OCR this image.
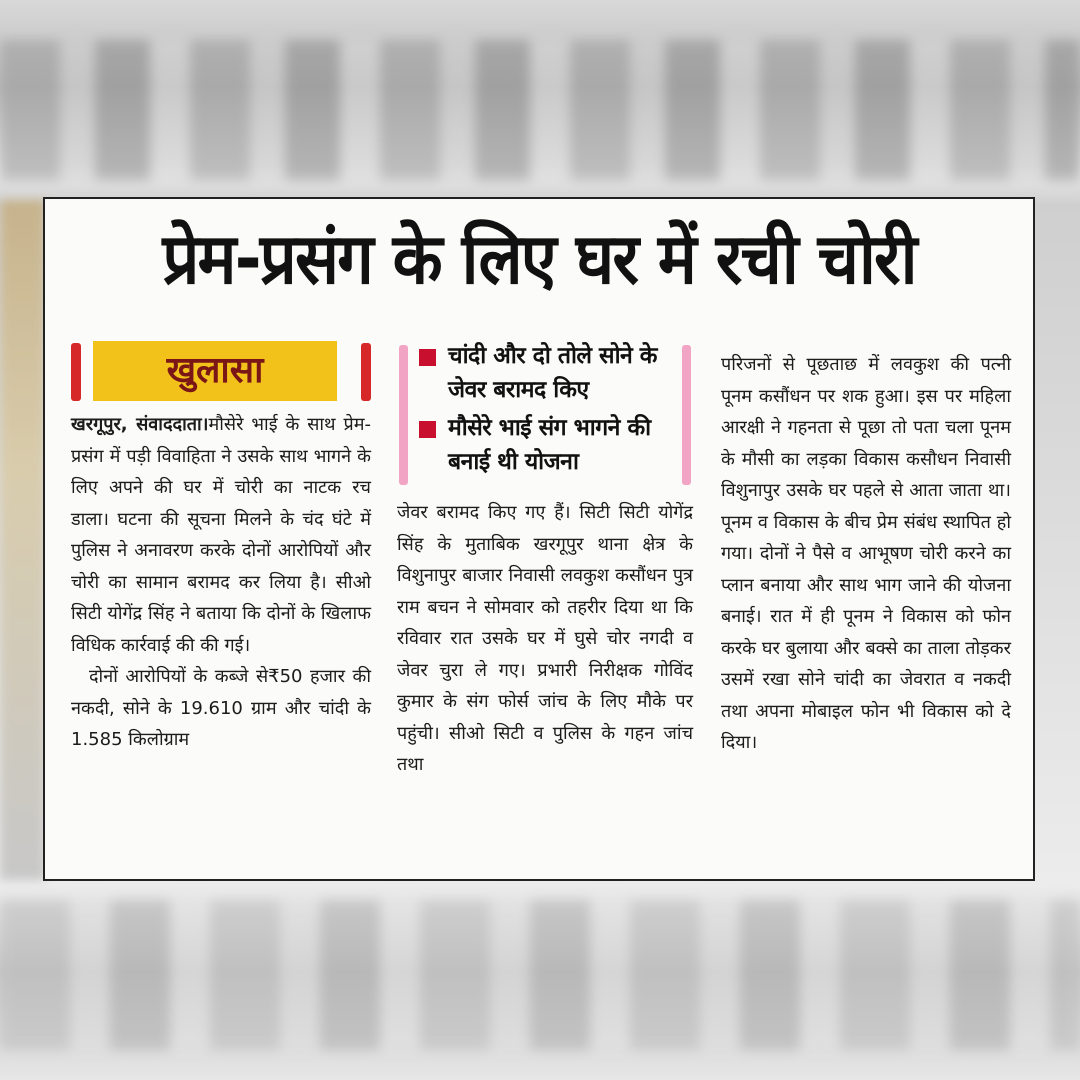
प्रेम-प्रसंग के लिए घर में रची चोरी
खुलासा

खरगूपुर, संवाददाता।मौसेरे भाई के साथ प्रेम-प्रसंग में पड़ी विवाहिता ने उसके साथ भागने के लिए अपने की घर में चोरी का नाटक रच डाला। घटना की सूचना मिलने के चंद घंटे में पुलिस ने अनावरण करके दोनों आरोपियों और चोरी का सामान बरामद कर लिया है। सीओ सिटी योगेंद्र सिंह ने बताया कि दोनों के खिलाफ विधिक कार्रवाई की की गई।

दोनों आरोपियों के कब्जे से₹50 हजार की नकदी, सोने के 19.610 ग्राम और चांदी के 1.585 किलोग्राम

चांदी और दो तोले सोने के जेवर बरामद किए
मौसेरे भाई संग भागने की बनाई थी योजना

जेवर बरामद किए गए हैं। सिटी सिटी योगेंद्र सिंह के मुताबिक खरगूपुर थाना क्षेत्र के विशुनापुर बाजार निवासी लवकुश कसौंधन पुत्र राम बचन ने सोमवार को तहरीर दिया था कि रविवार रात उसके घर में घुसे चोर नगदी व जेवर चुरा ले गए। प्रभारी निरीक्षक गोविंद कुमार के संग फोर्स जांच के लिए मौके पर पहुंची। सीओ सिटी व पुलिस के गहन जांच तथा

परिजनों से पूछताछ में लवकुश की पत्नी पूनम कसौंधन पर शक हुआ। इस पर महिला आरक्षी ने गहनता से पूछा तो पता चला पूनम के मौसी का लड़का विकास कसौधन निवासी विशुनापुर उसके घर पहले से आता जाता था। पूनम व विकास के बीच प्रेम संबंध स्थापित हो गया। दोनों ने पैसे व आभूषण चोरी करने का प्लान बनाया और साथ भाग जाने की योजना बनाई। रात में ही पूनम ने विकास को फोन करके घर बुलाया और बक्से का ताला तोड़कर उसमें रखा सोने चांदी का जेवरात व नकदी तथा अपना मोबाइल फोन भी विकास को दे दिया।
